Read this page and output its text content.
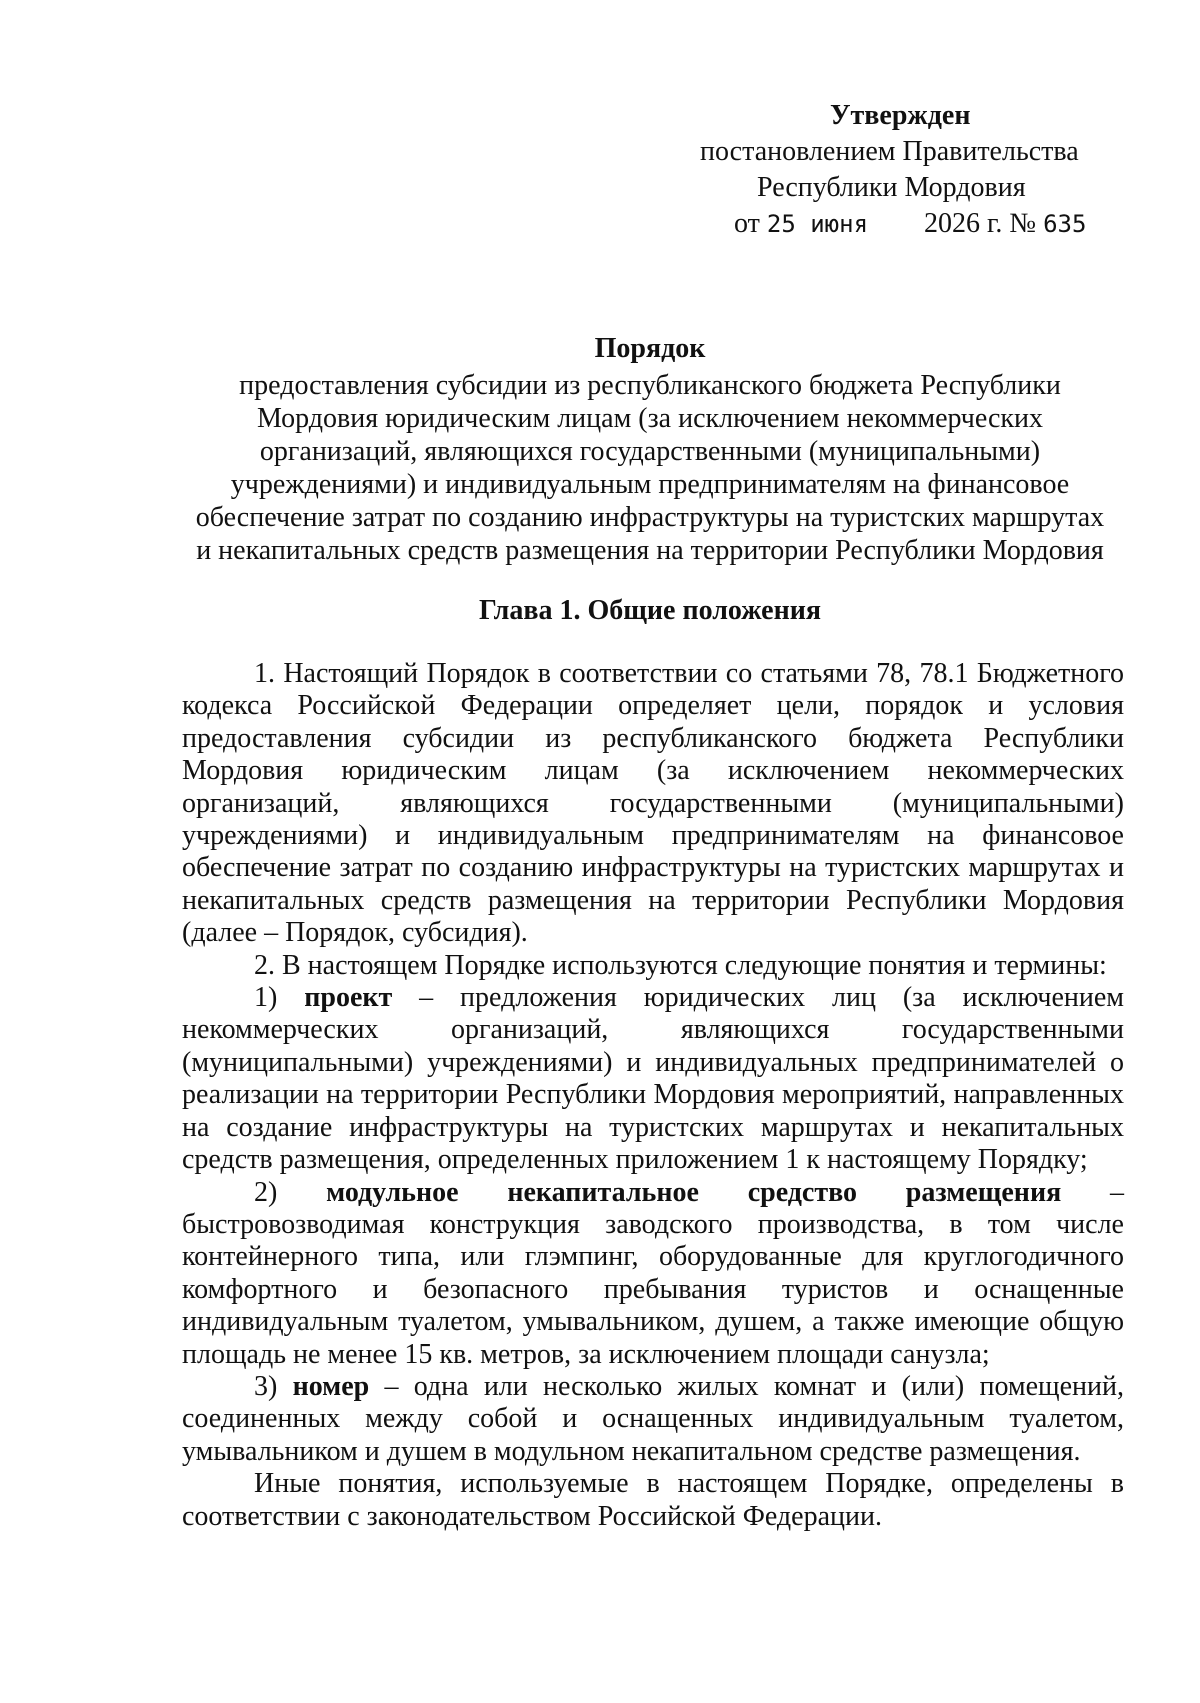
Утвержден
постановлением Правительства
Республики Мордовия
от 25 июня 2026 г. № 635
Порядок
предоставления субсидии из республиканского бюджета Республики
Мордовия юридическим лицам (за исключением некоммерческих
организаций, являющихся государственными (муниципальными)
учреждениями) и индивидуальным предпринимателям на финансовое
обеспечение затрат по созданию инфраструктуры на туристских маршрутах
и некапитальных средств размещения на территории Республики Мордовия
Глава 1. Общие положения

1. Настоящий Порядок в соответствии со статьями 78, 78.1 Бюджетного кодекса Российской Федерации определяет цели, порядок и условия предоставления субсидии из республиканского бюджета Республики Мордовия юридическим лицам (за исключением некоммерческих организаций, являющихся государственными (муниципальными) учреждениями) и индивидуальным предпринимателям на финансовое обеспечение затрат по созданию инфраструктуры на туристских маршрутах и некапитальных средств размещения на территории Республики Мордовия (далее – Порядок, субсидия).

2. В настоящем Порядке используются следующие понятия и термины:

1) проект – предложения юридических лиц (за исключением некоммерческих организаций, являющихся государственными (муниципальными) учреждениями) и индивидуальных предпринимателей о реализации на территории Республики Мордовия мероприятий, направленных на создание инфраструктуры на туристских маршрутах и некапитальных средств размещения, определенных приложением 1 к настоящему Порядку;

2) модульное некапитальное средство размещения – быстровозводимая конструкция заводского производства, в том числе контейнерного типа, или глэмпинг, оборудованные для круглогодичного комфортного и безопасного пребывания туристов и оснащенные индивидуальным туалетом, умывальником, душем, а также имеющие общую площадь не менее 15 кв. метров, за исключением площади санузла;

3) номер – одна или несколько жилых комнат и (или) помещений, соединенных между собой и оснащенных индивидуальным туалетом, умывальником и душем в модульном некапитальном средстве размещения.

Иные понятия, используемые в настоящем Порядке, определены в соответствии с законодательством Российской Федерации.
